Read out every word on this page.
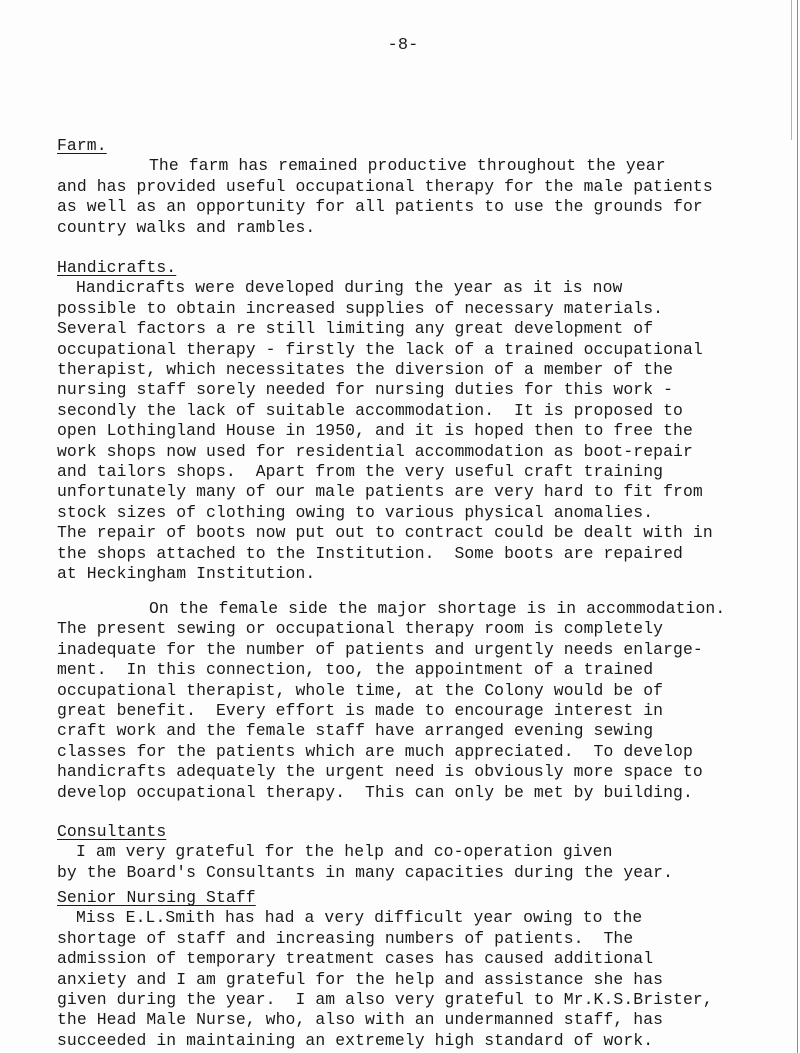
-8-
Farm.
The farm has remained productive throughout the year
and has provided useful occupational therapy for the male patients
as well as an opportunity for all patients to use the grounds for
country walks and rambles.
Handicrafts.
Handicrafts were developed during the year as it is now
possible to obtain increased supplies of necessary materials.
Several factors a re still limiting any great development of
occupational therapy - firstly the lack of a trained occupational
therapist, which necessitates the diversion of a member of the
nursing staff sorely needed for nursing duties for this work -
secondly the lack of suitable accommodation.  It is proposed to
open Lothingland House in 1950, and it is hoped then to free the
work shops now used for residential accommodation as boot-repair
and tailors shops.  Apart from the very useful craft training
unfortunately many of our male patients are very hard to fit from
stock sizes of clothing owing to various physical anomalies.
The repair of boots now put out to contract could be dealt with in
the shops attached to the Institution.  Some boots are repaired
at Heckingham Institution.
On the female side the major shortage is in accommodation.
The present sewing or occupational therapy room is completely
inadequate for the number of patients and urgently needs enlarge-
ment.  In this connection, too, the appointment of a trained
occupational therapist, whole time, at the Colony would be of
great benefit.  Every effort is made to encourage interest in
craft work and the female staff have arranged evening sewing
classes for the patients which are much appreciated.  To develop
handicrafts adequately the urgent need is obviously more space to
develop occupational therapy.  This can only be met by building.
Consultants
I am very grateful for the help and co-operation given
by the Board's Consultants in many capacities during the year.
Senior Nursing Staff
Miss E.L.Smith has had a very difficult year owing to the
shortage of staff and increasing numbers of patients.  The
admission of temporary treatment cases has caused additional
anxiety and I am grateful for the help and assistance she has
given during the year.  I am also very grateful to Mr.K.S.Brister,
the Head Male Nurse, who, also with an undermanned staff, has
succeeded in maintaining an extremely high standard of work.
